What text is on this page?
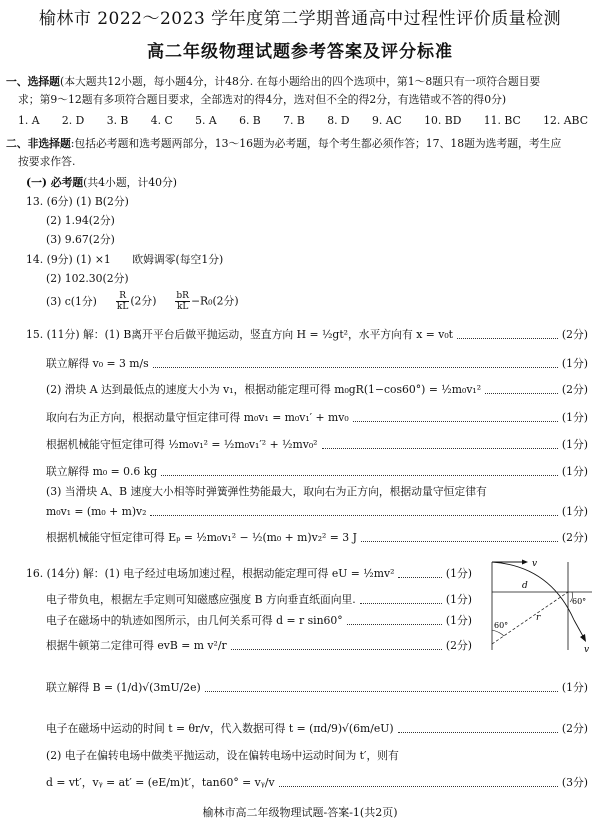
榆林市 2022～2023 学年度第二学期普通高中过程性评价质量检测
高二年级物理试题参考答案及评分标准
一、选择题(本大题共12小题，每小题4分，计48分. 在每小题给出的四个选项中，第1～8题只有一项符合题目要
求；第9～12题有多项符合题目要求，全部选对的得4分，选对但不全的得2分，有选错或不答的得0分)
1. A 2. D 3. B 4. C 5. A 6. B 7. B 8. D 9. AC 10. BD 11. BC 12. ABC
二、非选择题:包括必考题和选考题两部分，13～16题为必考题，每个考生都必须作答；17、18题为选考题，考生应
按要求作答.
(一) 必考题(共4小题，计40分)
13. (6分) (1) B(2分)
(2) 1.94(2分)
(3) 9.67(2分)
14. (9分) (1) ×1　　欧姆调零(每空1分)
(2) 102.30(2分)
(3) c(1分) $\frac{R}{kL} (2$分) $\frac{bR}{kL} -R_0(2$分)
15. (11分) 解：(1) B离开平台后做平抛运动，竖直方向 H = ½gt²，水平方向有 x = v₀t	(2分)
联立解得 v₀ = 3 m/s	(1分)
(2) 滑块 A 达到最低点的速度大小为 v₁，根据动能定理可得 m₀gR(1−cos60°) = ½m₀v₁²	(2分)
取向右为正方向，根据动量守恒定律可得 m₀v₁ = m₀v₁′ + mv₀	(1分)
根据机械能守恒定律可得 ½m₀v₁² = ½m₀v₁′² + ½mv₀²	(1分)
联立解得 m₀ = 0.6 kg	(1分)
(3) 当滑块 A、B 速度大小相等时弹簧弹性势能最大，取向右为正方向，根据动量守恒定律有
m₀v₁ = (m₀ + m)v₂	(1分)
根据机械能守恒定律可得 Eₚ = ½m₀v₁² − ½(m₀ + m)v₂² = 3 J	(2分)
16. (14分) 解：(1) 电子经过电场加速过程，根据动能定理可得 eU = ½mv²	(1分)
电子带负电，根据左手定则可知磁感应强度 B 方向垂直纸面向里.	(1分)
电子在磁场中的轨迹如图所示，由几何关系可得 d = r sin60°	(1分)
根据牛顿第二定律可得 evB = m v²/r	(2分)
联立解得 B = (1/d)√(3mU/2e)	(1分)
电子在磁场中运动的时间 t = θr/v，代入数据可得 t = (πd/9)√(6m/eU)	(2分)
(2) 电子在偏转电场中做类平抛运动，设在偏转电场中运动时间为 t′，则有
d = vt′，vᵧ = at′ = (eE/m)t′，tan60° = vᵧ/v	(3分)
v
d
60°
60°
r
v
榆林市高二年级物理试题-答案-1(共2页)
